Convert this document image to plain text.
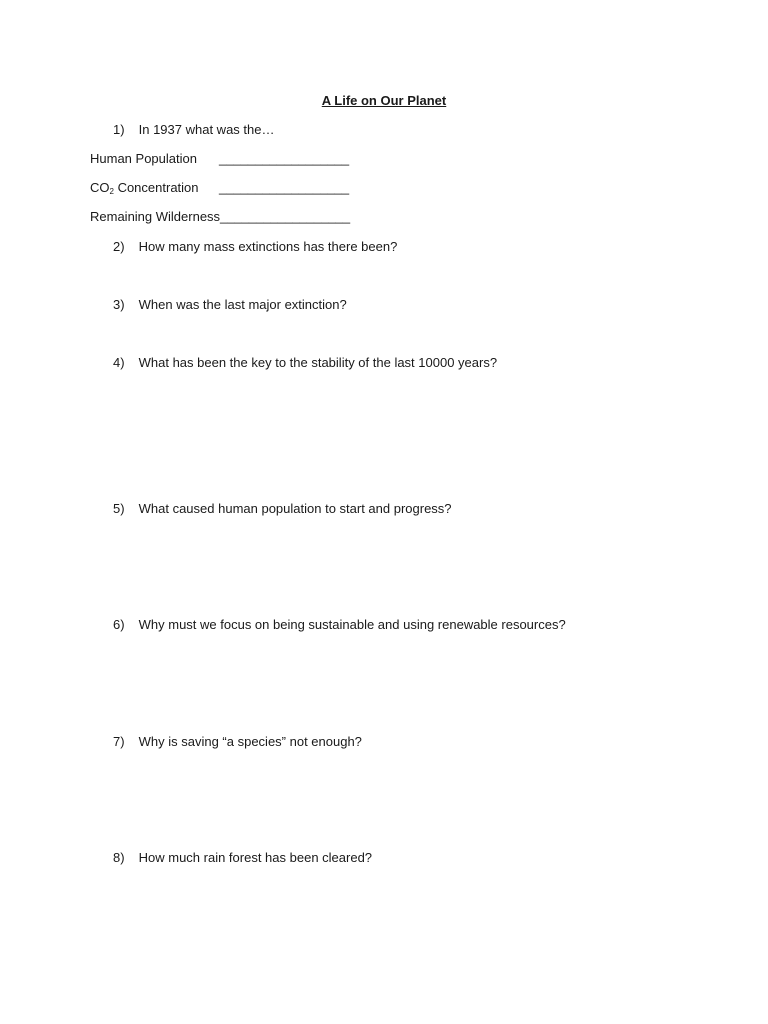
A Life on Our Planet
1) In 1937 what was the…
Human Population __________________
$CO_2$ Concentration __________________
Remaining Wilderness __________________
2) How many mass extinctions has there been?
3) When was the last major extinction?
4) What has been the key to the stability of the last 10000 years?
5) What caused human population to start and progress?
6) Why must we focus on being sustainable and using renewable resources?
7) Why is saving “a species” not enough?
8) How much rain forest has been cleared?
